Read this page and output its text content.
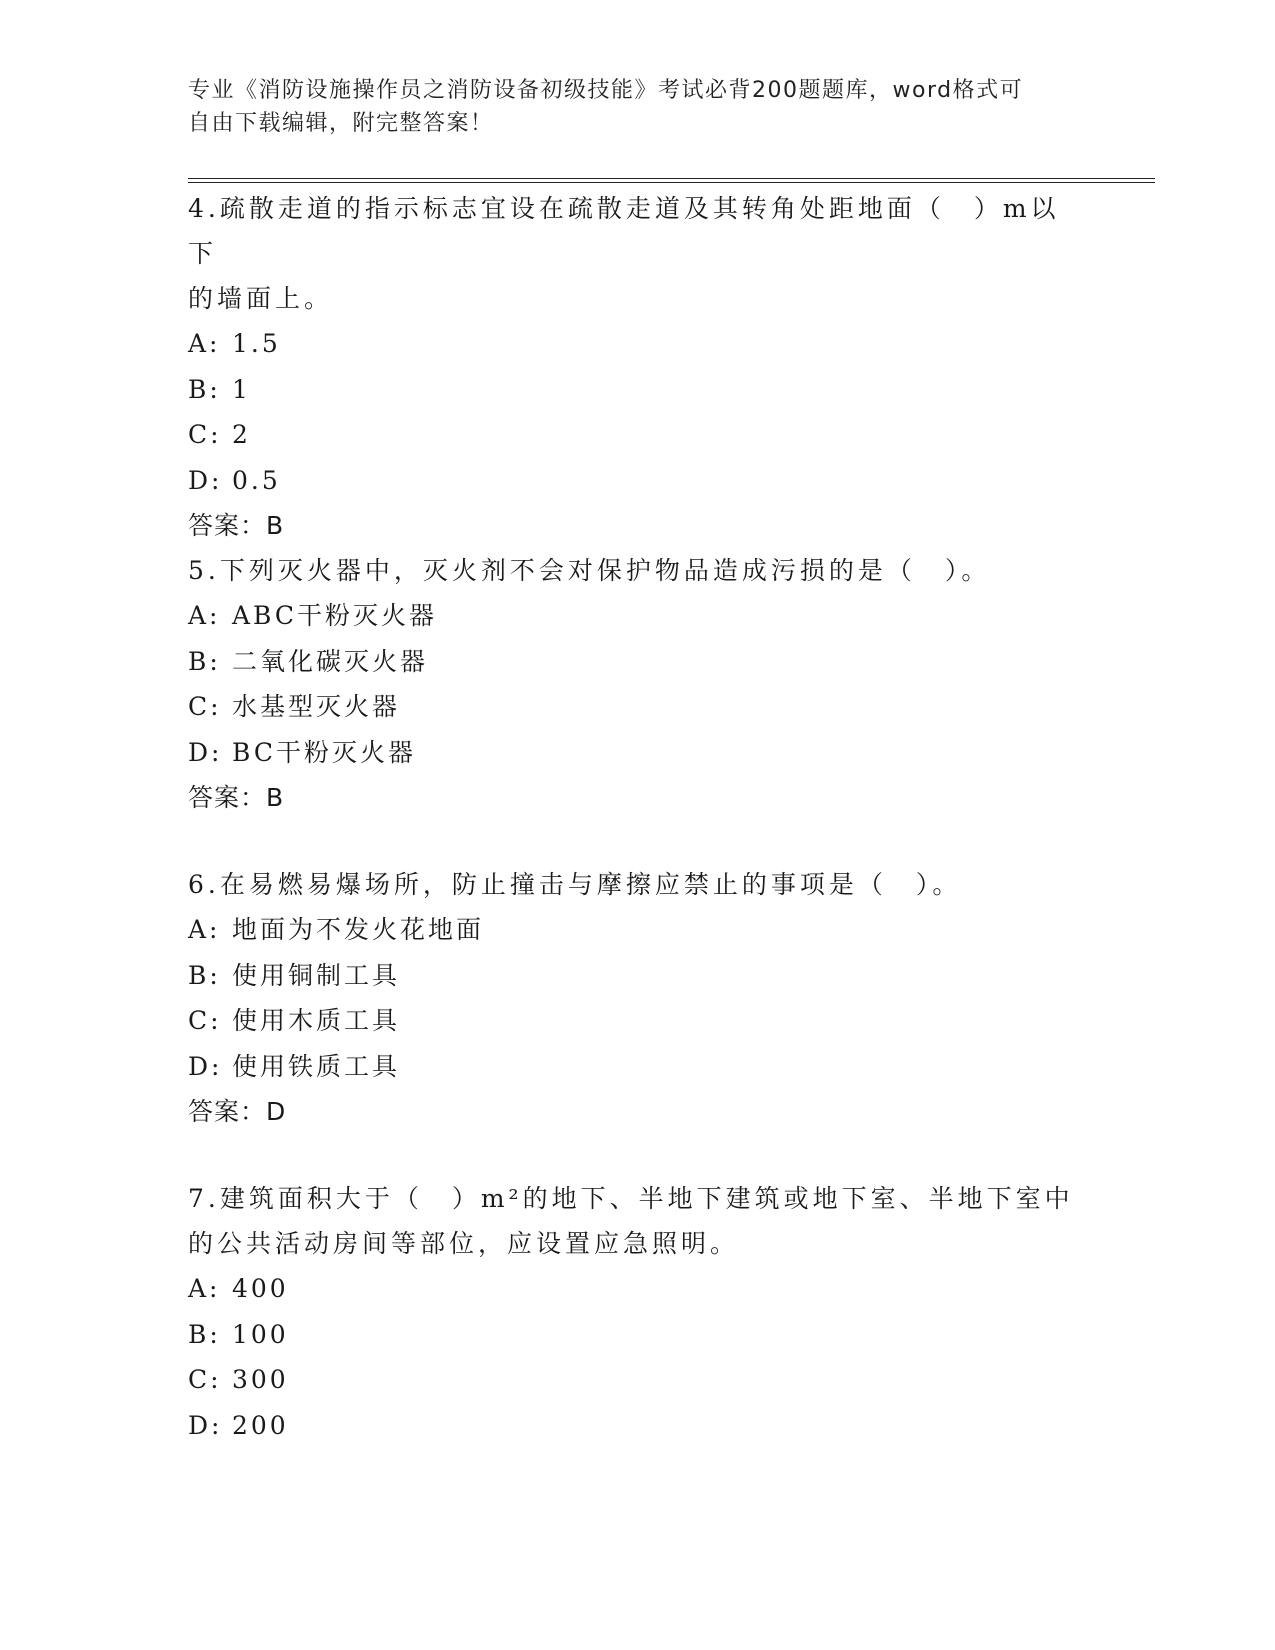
专业《消防设施操作员之消防设备初级技能》考试必背200题题库，word格式可
自由下载编辑，附完整答案！
4.疏散走道的指示标志宜设在疏散走道及其转角处距地面（　）m以下
的墙面上。
A: 1.5
B: 1
C: 2
D: 0.5
答案：B
5.下列灭火器中，灭火剂不会对保护物品造成污损的是（　）。
A: ABC干粉灭火器
B: 二氧化碳灭火器
C: 水基型灭火器
D: BC干粉灭火器
答案：B
6.在易燃易爆场所，防止撞击与摩擦应禁止的事项是（　）。
A: 地面为不发火花地面
B: 使用铜制工具
C: 使用木质工具
D: 使用铁质工具
答案：D
7.建筑面积大于（　）m²的地下、半地下建筑或地下室、半地下室中
的公共活动房间等部位，应设置应急照明。
A: 400
B: 100
C: 300
D: 200
